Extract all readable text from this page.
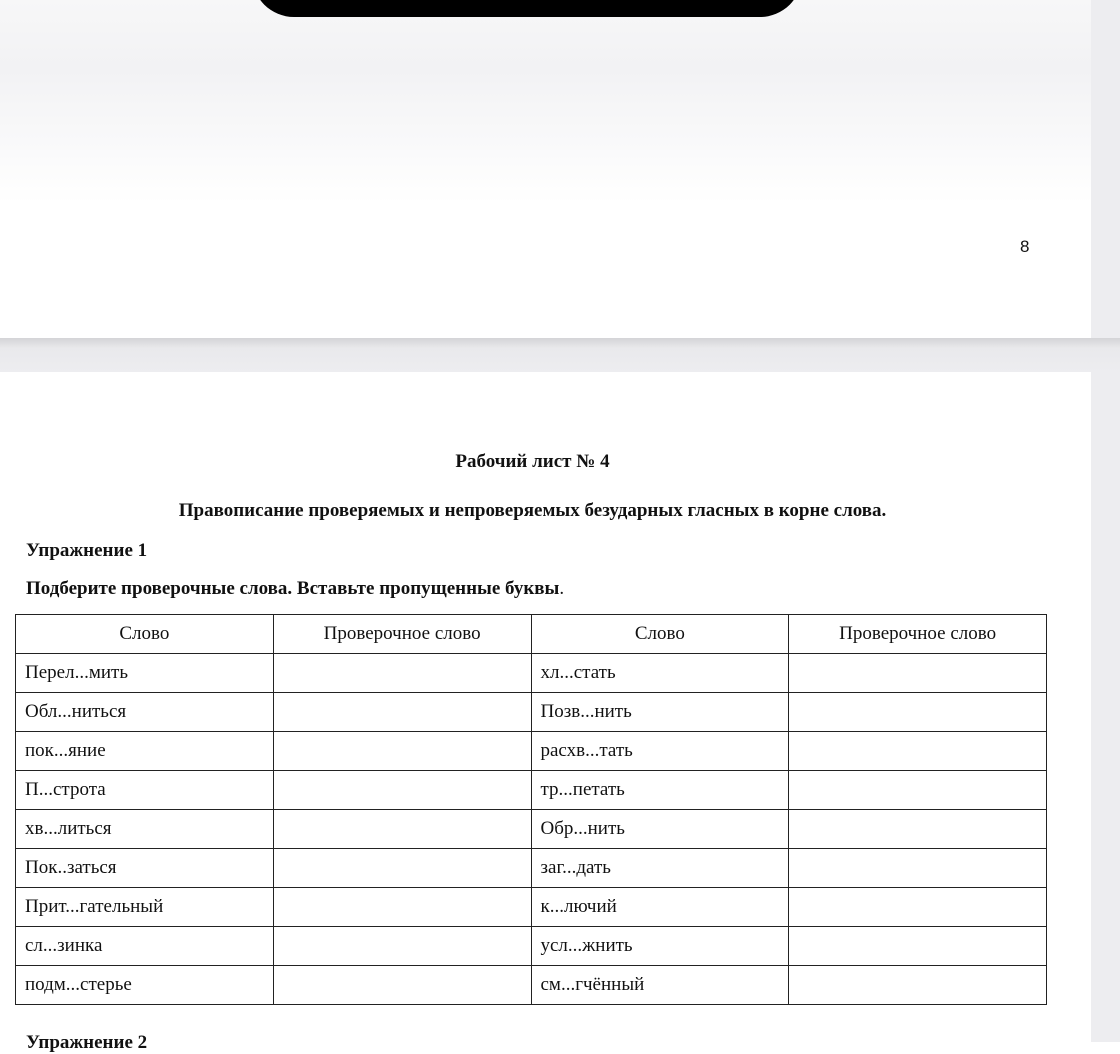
8
Рабочий лист № 4
Правописание проверяемых и непроверяемых безударных гласных в корне слова.
Упражнение 1
Подберите проверочные слова. Вставьте пропущенные буквы.
Слово	Проверочное слово	Слово	Проверочное слово
Перел...мить		хл...стать	
Обл...ниться		Позв...нить	
пок...яние		расхв...тать	
П...строта		тр...петать	
хв...литься		Обр...нить	
Пок..заться		заг...дать	
Прит...гательный		к...лючий	
сл...зинка		усл...жнить	
подм...стерье		см...гчённый	
Упражнение 2
